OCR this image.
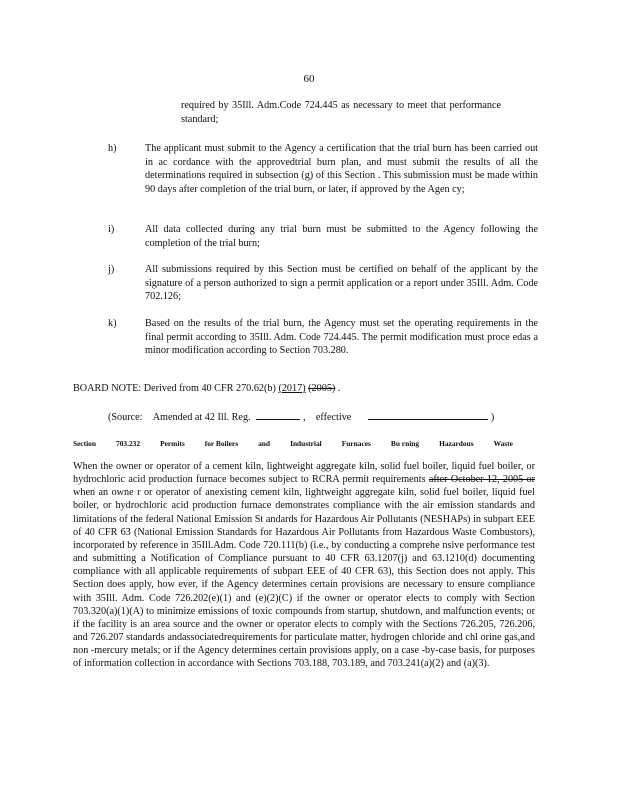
60
required by 35Ill. Adm.Code 724.445 as necessary to meet that performance standard;
h)	The applicant must submit to the Agency a certification that the trial burn has been carried out in ac cordance with the approvedtrial burn plan, and must submit the results of all the determinations required in subsection (g) of this Section . This submission must be made within 90 days after completion of the trial burn, or later, if approved by the Agen cy;
i)	All data collected during any trial burn must be submitted to the Agency following the completion of the trial burn;
j)	All submissions required by this Section must be certified on behalf of the applicant by the signature of a person authorized to sign a permit application or a report under 35Ill. Adm. Code 702.126;
k)	Based on the results of the trial burn, the Agency must set the operating requirements in the final permit according to 35Ill. Adm. Code 724.445. The permit modification must proce edas a minor modification according to Section 703.280.
BOARD NOTE: Derived from 40 CFR 270.62(b) (2017) (2005) .
(Source: Amended at 42 Ill. Reg.	, effective	)
Section	703.232	Permits	for Boilers	and	Industrial	Furnaces	Bu rning	Hazardous	Waste
When the owner or operator of a cement kiln, lightweight aggregate kiln, solid fuel boiler, liquid fuel boiler, or hydrochloric acid production furnace becomes subject to RCRA permit requirements after October 12, 2005 or when an owne r or operator of anexisting cement kiln, lightweight aggregate kiln, solid fuel boiler, liquid fuel boiler, or hydrochloric acid production furnace demonstrates compliance with the air emission standards and limitations of the federal National Emission St andards for Hazardous Air Pollutants (NESHAPs) in subpart EEE of 40 CFR 63 (National Emission Standards for Hazardous Air Pollutants from Hazardous Waste Combustors), incorporated by reference in 35Ill.Adm. Code 720.111(b) (i.e., by conducting a comprehe nsive performance test and submitting a Notification of Compliance pursuant to 40 CFR 63.1207(j) and 63.1210(d) documenting compliance with all applicable requirements of subpart EEE of 40 CFR 63), this Section does not apply. This Section does apply, how ever, if the Agency determines certain provisions are necessary to ensure compliance with 35Ill. Adm. Code 726.202(e)(1) and (e)(2)(C) if the owner or operator elects to comply with Section 703.320(a)(1)(A) to minimize emissions of toxic compounds from startup, shutdown, and malfunction events; or if the facility is an area source and the owner or operator elects to comply with the Sections 726.205, 726.206, and 726.207 standards andassociatedrequirements for particulate matter, hydrogen chloride and chl orine gas,and non -mercury metals; or if the Agency determines certain provisions apply, on a case -by-case basis, for purposes of information collection in accordance with Sections 703.188, 703.189, and 703.241(a)(2) and (a)(3).
